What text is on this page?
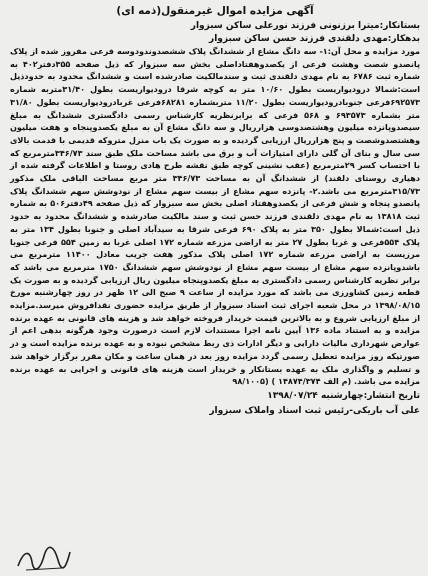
آگهی مزایده اموال غیرمنقول(ذمه ای)

بستانکار:میترا برزنونی فرزند نورعلی ساکن سبزوار

بدهکار:مهدی دلقندی فرزند حسن ساکن سبزوار

مورد مزایده و محل آن:۱- سه دانگ مشاع از ششدانگ پلاک ششصدوندودوسه فرعی مفروز شده از پلاک پانصدو شصت وهشت فرعی از یکصدوهفتاداصلی بخش سه سبزوار که ذیل صفحه ۳۵۵دفتر۴۰۲ به شماره ثبت ۶۷۸۶ به نام مهدی دلقندی ثبت و سندمالکیت صادرشده است و ششدانگ محدود به حدودذیل است:شمالا درودیواریست بطول ۱۰/۶۰ متر به کوچه شرقا درودیواریست بطول ۳۱/۴۰متربه شماره ۶۹۲۵۷۳فرعی جنوبادرودیواریست بطول ۱۱/۲۰ متربشماره ۶۸۲۸۱فرعی غربادرودیواریست بطول ۳۱/۸۰ متر بشماره ۶۹۳۵۷۳ و ۵۶۸ فرعی که برابرنظریه کارشناس رسمی دادگستری ششدانگ به مبلغ سیصدوپانزده میلیون وهشتصدوسی هزارریال و سه دانگ مشاع آن به مبلغ یکصدوپنجاه و هفت میلیون وهشتصدوشصت و پنج هزارریال ارزیابی گردیده و به صورت یک باب منزل متروکه قدیمی با قدمت بالای سی سال و بنای آن گلی دارای امتیازات آب و برق می باشد مساحت ملک طبق سند ۳۴۶/۷۳مترمربع که با احتساب کسر ۲۹مترمربع (عقب نشینی کوچه طبق نقشه طرح هادی روستا و اطلاعات گرفته شده از دهیاری روستای دلقند) از ششدانگ آن به مساحت ۳۴۶/۷۳ متر مربع مساحت الباقی ملک مذکور ۳۱۵/۷۳مترمربع می باشد.۲- پانزده سهم مشاع از بیست سهم مشاع از نودوشش سهم ششدانگ پلاک پانصدو پنجاه و شش فرعی از یکصدوهفتاد اصلی بخش سه سبزوار که ذیل صفحه ۴۹دفتر۵۰۶ به شماره ثبت ۱۳۸۱۸ به نام مهدی دلقندی فرزند حسن ثبت و سند مالکیت صادرشده و ششدانگ محدود به حدود ذیل است:شمالا بطول ۳۵۰ متر به پلاک ۶۹۰ فرعی شرقا به سیدآباد اصلی و جنوبا بطول ۱۳۴ متر به پلاک ۵۵۴فرعی و غربا بطول ۲۷ متر به اراضی مزرعه شماره ۱۷۲ اصلی غربا به زمین ۵۵۴ فرعی جنوبا مرزیست به اراضی مزرعه شماره ۱۷۲ اصلی پلاک مذکور هفت جریب معادل ۱۱۴۰۰ مترمربع می باشدوپانزده سهم مشاع از بیست سهم مشاع از نودوشش سهم ششدانگ ۱۷۵۰ مترمربع می باشد که برابر نظریه کارشناس رسمی دادگستری به مبلغ یکصدوپنجاه میلیون ریال ارزیابی گردیده و به صورت یک قطعه زمین کشاورزی می باشد که مورد مزایده از ساعت ۹ صبح الی ۱۲ ظهر در روز چهارشنبه مورخ ۱۳۹۸/۰۸/۱۵ در محل شعبه اجرای ثبت اسناد سبزوار از طریق مزایده حضوری نقدافروش میرسد.مزایده از مبلغ ارزیابی شروع و به بالاترین قیمت خریدار فروخته خواهد شد و هزینه های قانونی به عهده برنده مزایده و به استناد ماده ۱۳۶ آیین نامه اجرا مستندات لازم است درصورت وجود هرگونه بدهی اعم از عوارض شهرداری مالیات دارایی و دیگر ادارات ذی ربط مشخص نبوده و به عهده برنده مزایده است و در صورتیکه روز مزایده تعطیل رسمی گردد مزایده روز بعد در همان ساعت و مکان مقرر برگزار خواهد شد و تسلیم و واگذاری ملک به عهده بستانکار و خریدار است هزینه های قانونی و اجرایی به عهده برنده مزایده می باشد. (م الف ۱۴۸۷۴/۳۷۴ ) (۹۸/۱۰۰۵

تاریخ انتشار:چهارشنبه ۱۳۹۸/۰۷/۲۴

علی آب باریکی-رئیس ثبت اسناد واملاک سبزوار
